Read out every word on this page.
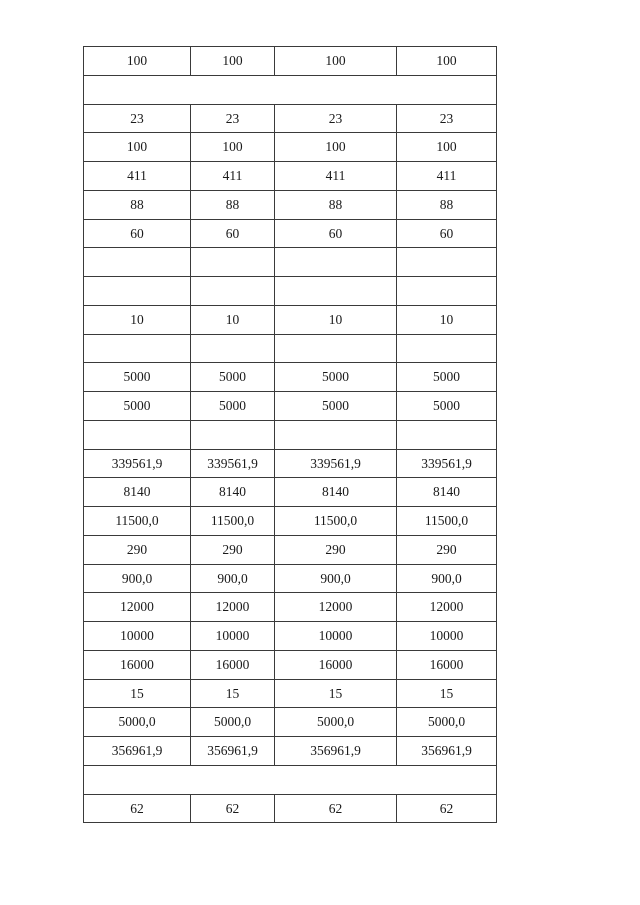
100	100	100	100

23	23	23	23
100	100	100	100
411	411	411	411
88	88	88	88
60	60	60	60

10	10	10	10

5000	5000	5000	5000
5000	5000	5000	5000

339561,9	339561,9	339561,9	339561,9
8140	8140	8140	8140
11500,0	11500,0	11500,0	11500,0
290	290	290	290
900,0	900,0	900,0	900,0
12000	12000	12000	12000
10000	10000	10000	10000
16000	16000	16000	16000
15	15	15	15
5000,0	5000,0	5000,0	5000,0
356961,9	356961,9	356961,9	356961,9

62	62	62	62
